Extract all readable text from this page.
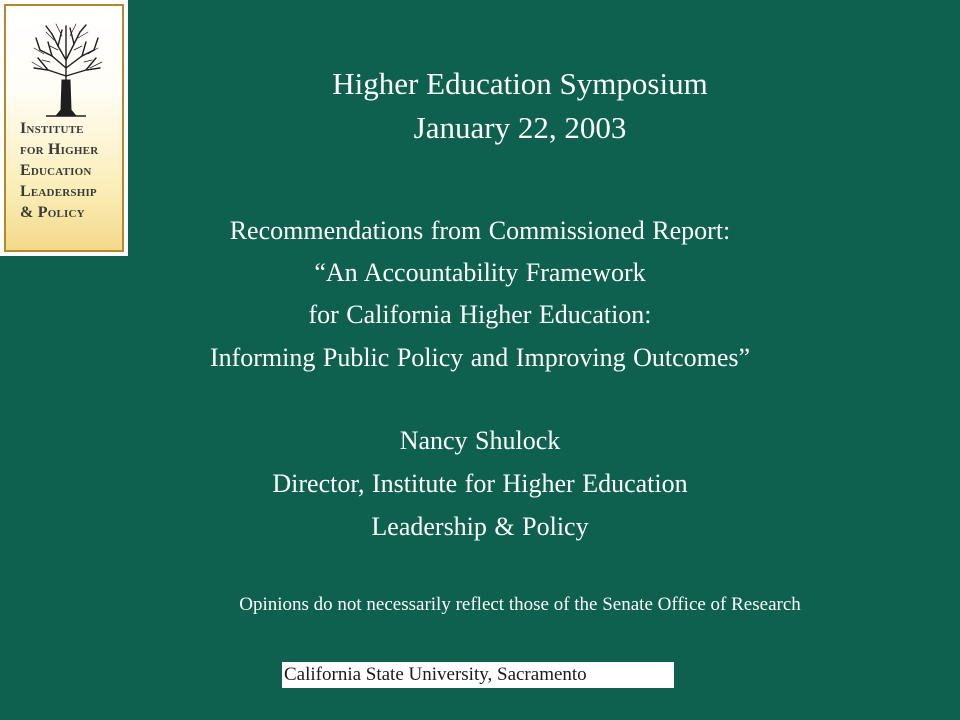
Institute
for Higher
Education
Leadership
& Policy
Higher Education Symposium
January 22, 2003
Recommendations from Commissioned Report:
“An Accountability Framework
for California Higher Education:
Informing Public Policy and Improving Outcomes”
Nancy Shulock
Director, Institute for Higher Education
Leadership & Policy
Opinions do not necessarily reflect those of the Senate Office of Research
California State University, Sacramento
